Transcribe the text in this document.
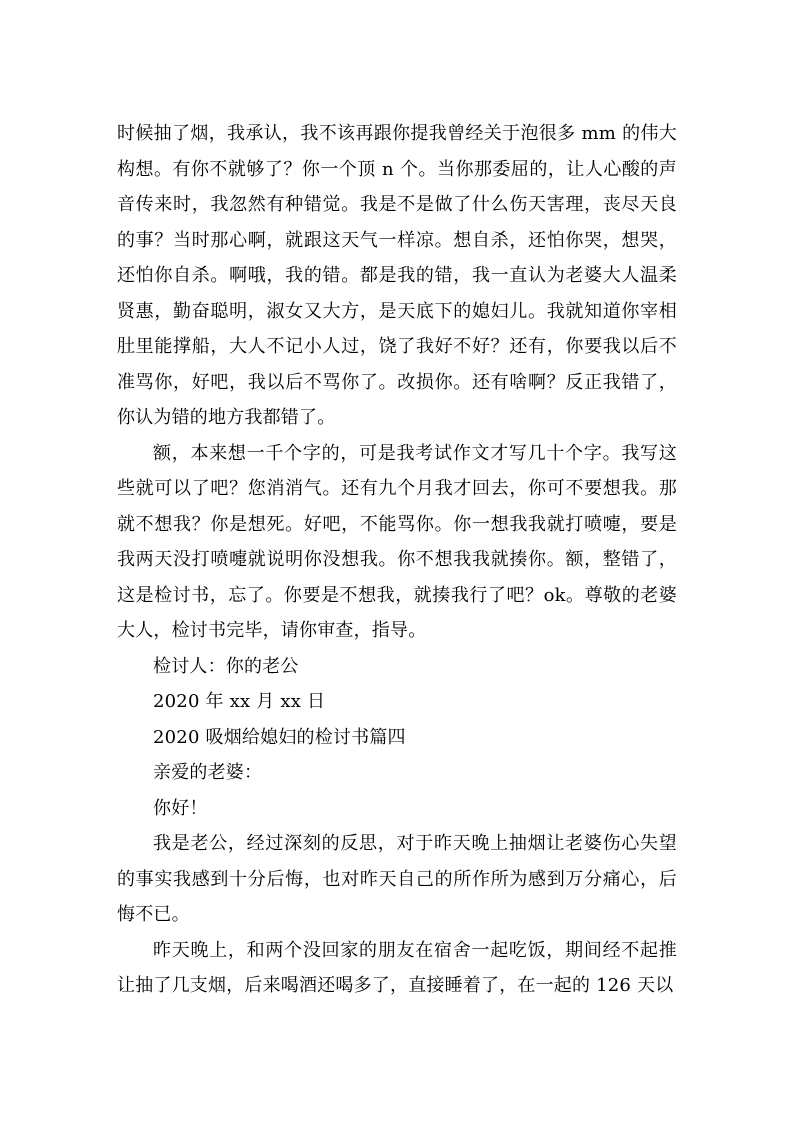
时候抽了烟，我承认，我不该再跟你提我曾经关于泡很多 mm 的伟大构想。有你不就够了？你一个顶 n 个。当你那委屈的，让人心酸的声音传来时，我忽然有种错觉。我是不是做了什么伤天害理，丧尽天良的事？当时那心啊，就跟这天气一样凉。想自杀，还怕你哭，想哭，还怕你自杀。啊哦，我的错。都是我的错，我一直认为老婆大人温柔贤惠，勤奋聪明，淑女又大方，是天底下的媳妇儿。我就知道你宰相肚里能撑船，大人不记小人过，饶了我好不好？还有，你要我以后不准骂你，好吧，我以后不骂你了。改损你。还有啥啊？反正我错了，你认为错的地方我都错了。

额，本来想一千个字的，可是我考试作文才写几十个字。我写这些就可以了吧？您消消气。还有九个月我才回去，你可不要想我。那就不想我？你是想死。好吧，不能骂你。你一想我我就打喷嚏，要是我两天没打喷嚏就说明你没想我。你不想我我就揍你。额，整错了，这是检讨书，忘了。你要是不想我，就揍我行了吧？ok。尊敬的老婆大人，检讨书完毕，请你审查，指导。

检讨人：你的老公

2020 年 xx 月 xx 日

2020 吸烟给媳妇的检讨书篇四

亲爱的老婆：

你好！

我是老公，经过深刻的反思，对于昨天晚上抽烟让老婆伤心失望的事实我感到十分后悔，也对昨天自己的所作所为感到万分痛心，后悔不已。

昨天晚上，和两个没回家的朋友在宿舍一起吃饭，期间经不起推让抽了几支烟，后来喝酒还喝多了，直接睡着了，在一起的 126 天以
